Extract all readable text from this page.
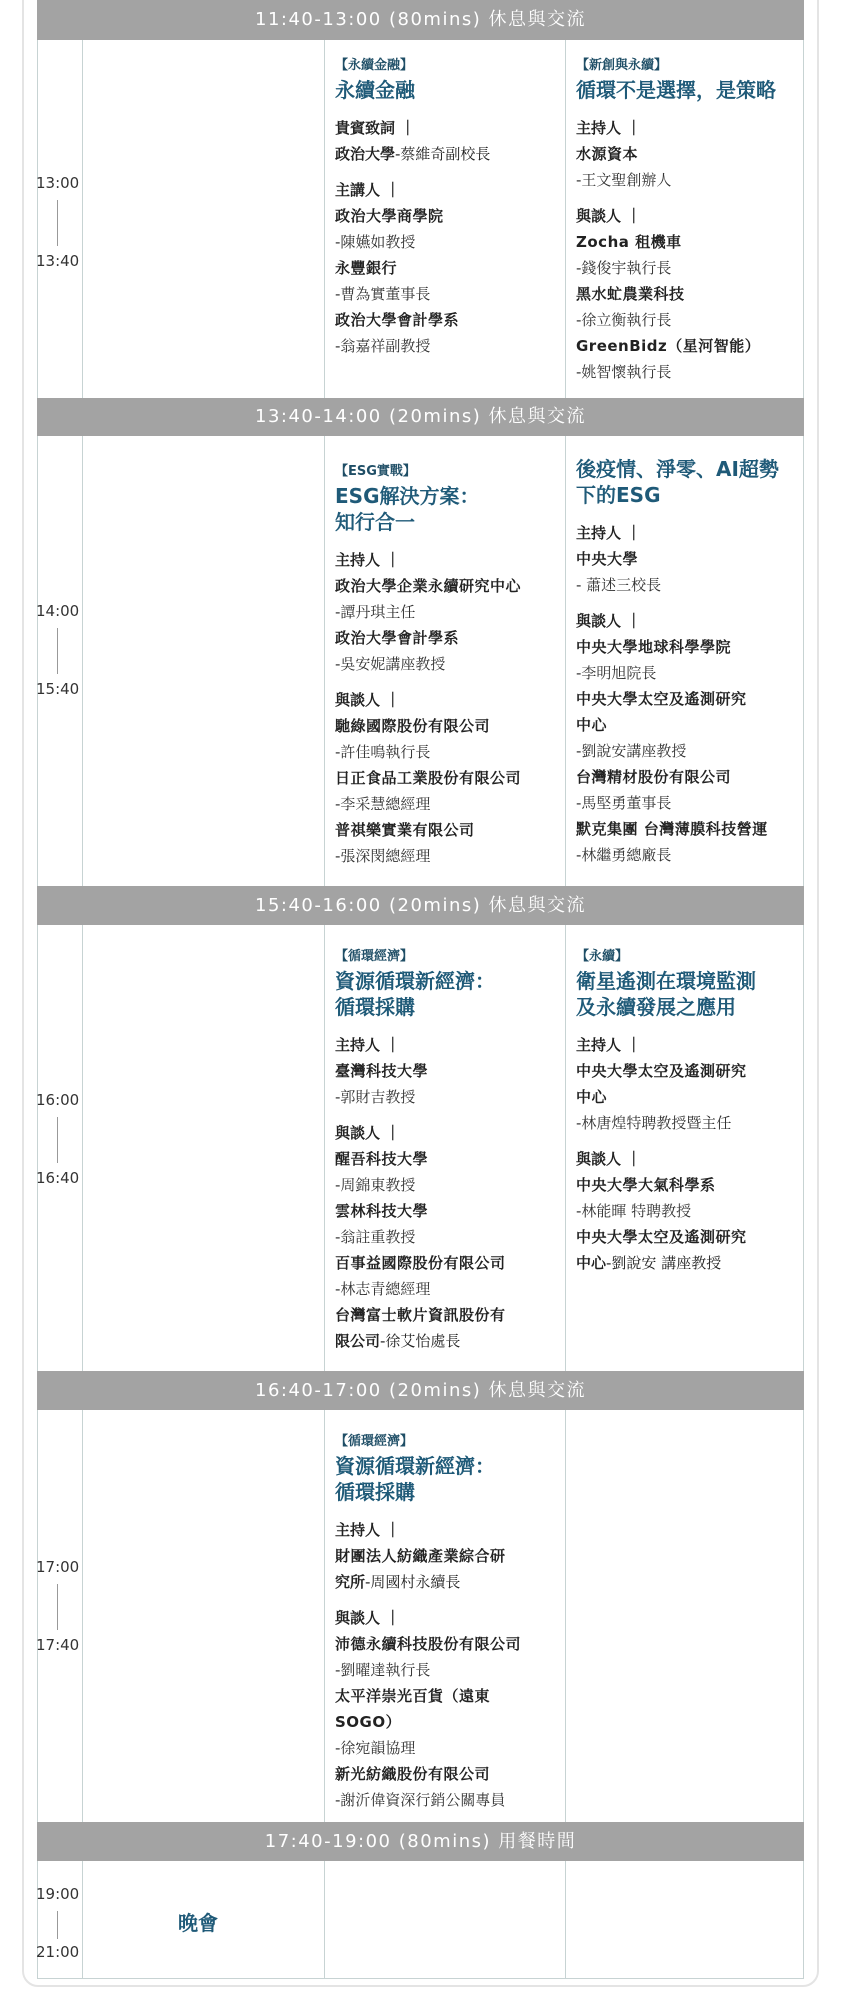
11:40-13:00 (80mins) 休息與交流
13:00
13:40
【永續金融】
永續金融
貴賓致詞 ｜
政治大學-蔡維奇副校長
主講人 ｜
政治大學商學院
-陳嬿如教授
永豐銀行
-曹為實董事長
政治大學會計學系
-翁嘉祥副教授
【新創與永續】
循環不是選擇，是策略
主持人 ｜
水源資本
-王文聖創辦人
與談人 ｜
Zocha 租機車
-錢俊宇執行長
黑水虻農業科技
-徐立衡執行長
GreenBidz（星河智能）
-姚智懷執行長
13:40-14:00 (20mins) 休息與交流
14:00
15:40
【ESG實戰】
ESG解決方案：
知行合一
主持人 ｜
政治大學企業永續研究中心
-譚丹琪主任
政治大學會計學系
-吳安妮講座教授
與談人 ｜
馳綠國際股份有限公司
-許佳鳴執行長
日正食品工業股份有限公司
-李采慧總經理
普祺樂實業有限公司
-張深閔總經理
後疫情、淨零、AI超勢
下的ESG
主持人 ｜
中央大學
- 蕭述三校長
與談人 ｜
中央大學地球科學學院
-李明旭院長
中央大學太空及遙測研究
中心
-劉說安講座教授
台灣精材股份有限公司
-馬堅勇董事長
默克集團 台灣薄膜科技營運
-林繼勇總廠長
15:40-16:00 (20mins) 休息與交流
16:00
16:40
【循環經濟】
資源循環新經濟：
循環採購
主持人 ｜
臺灣科技大學
-郭財吉教授
與談人 ｜
醒吾科技大學
-周錦東教授
雲林科技大學
-翁註重教授
百事益國際股份有限公司
-林志青總經理
台灣富士軟片資訊股份有
限公司-徐艾怡處長
【永續】
衛星遙測在環境監測
及永續發展之應用
主持人 ｜
中央大學太空及遙測研究
中心
-林唐煌特聘教授暨主任
與談人 ｜
中央大學大氣科學系
-林能暉 特聘教授
中央大學太空及遙測研究
中心-劉說安 講座教授
16:40-17:00 (20mins) 休息與交流
17:00
17:40
【循環經濟】
資源循環新經濟：
循環採購
主持人 ｜
財團法人紡織產業綜合研
究所-周國村永續長
與談人 ｜
沛德永續科技股份有限公司
-劉曜達執行長
太平洋崇光百貨（遠東
SOGO）
-徐宛韻協理
新光紡織股份有限公司
-謝沂偉資深行銷公關專員
17:40-19:00 (80mins) 用餐時間
19:00
21:00
晚會
